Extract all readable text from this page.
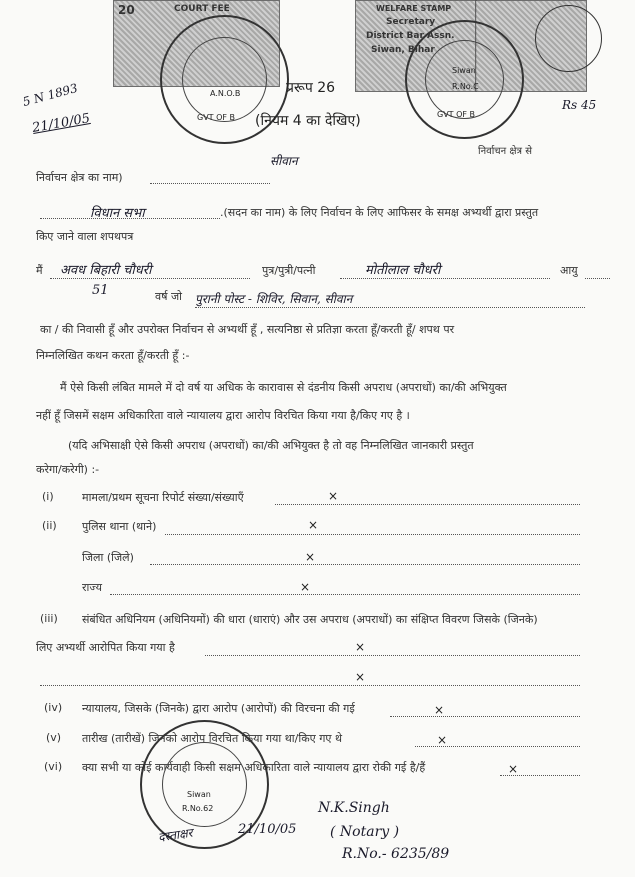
20	COURT FEE	WELFARE STAMP
Secretary
District Bar Assn.
Siwan, Bihar
A.N.O.B
GVT OF B
Siwan
R.No.C
GVT OF B
5 N 1893
21/10/05
Rs 45
प्ररूप 26
(नियम 4 का देखिए)
निर्वाचन क्षेत्र से
सीवान
निर्वाचन क्षेत्र का नाम)
विधान सभा	.(सदन का नाम) के लिए निर्वाचन के लिए आफिसर के समक्ष अभ्यर्थी द्वारा प्रस्तुत
किए जाने वाला शपथपत्र
मैं अवध बिहारी चौधरी	पुत्र/पुत्री/पत्नी	मोतीलाल चौधरी	आयु
51	वर्ष जो पुरानी पोस्ट - शिविर, सिवान, सीवान
का / की निवासी हूँ और उपरोक्त निर्वाचन से अभ्यर्थी हूँ , सत्यनिष्ठा से प्रतिज्ञा करता हूँ/करती हूँ/ शपथ पर
निम्नलिखित कथन करता हूँ/करती हूँ :-
मैं ऐसे किसी लंबित मामले में दो वर्ष या अधिक के कारावास से दंडनीय किसी अपराध (अपराधों) का/की अभियुक्त
नहीं हूँ जिसमें सक्षम अधिकारिता वाले न्यायालय द्वारा आरोप विरचित किया गया है/किए गए है ।
(यदि अभिसाक्षी ऐसे किसी अपराध (अपराधों) का/की अभियुक्त है तो वह निम्नलिखित जानकारी प्रस्तुत
करेगा/करेगी) :-
(i)	मामला/प्रथम सूचना रिपोर्ट संख्या/संख्याएँ	×
(ii) पुलिस थाना (थाने)	×
जिला (जिले)	×
राज्य	×
(iii) संबंधित अधिनियम (अधिनियमों) की धारा (धाराएं) और उस अपराध (अपराधों) का संक्षिप्त विवरण जिसके (जिनके)
लिए अभ्यर्थी आरोपित किया गया है	×
×
(iv) न्यायालय, जिसके (जिनके) द्वारा आरोप (आरोपों) की विरचना की गई	×
(v) तारीख (तारीखें) जिनको आरोप विरचित किया गया था/किए गए थे	×
(vi) क्या सभी या कोई कार्यवाही किसी सक्षम अधिकारिता वाले न्यायालय द्वारा रोकी गई है/हैं	×
Siwan
R.No.62
दस्ताक्षर	21/10/05
N.K.Singh
( Notary )
R.No.- 6235/89
